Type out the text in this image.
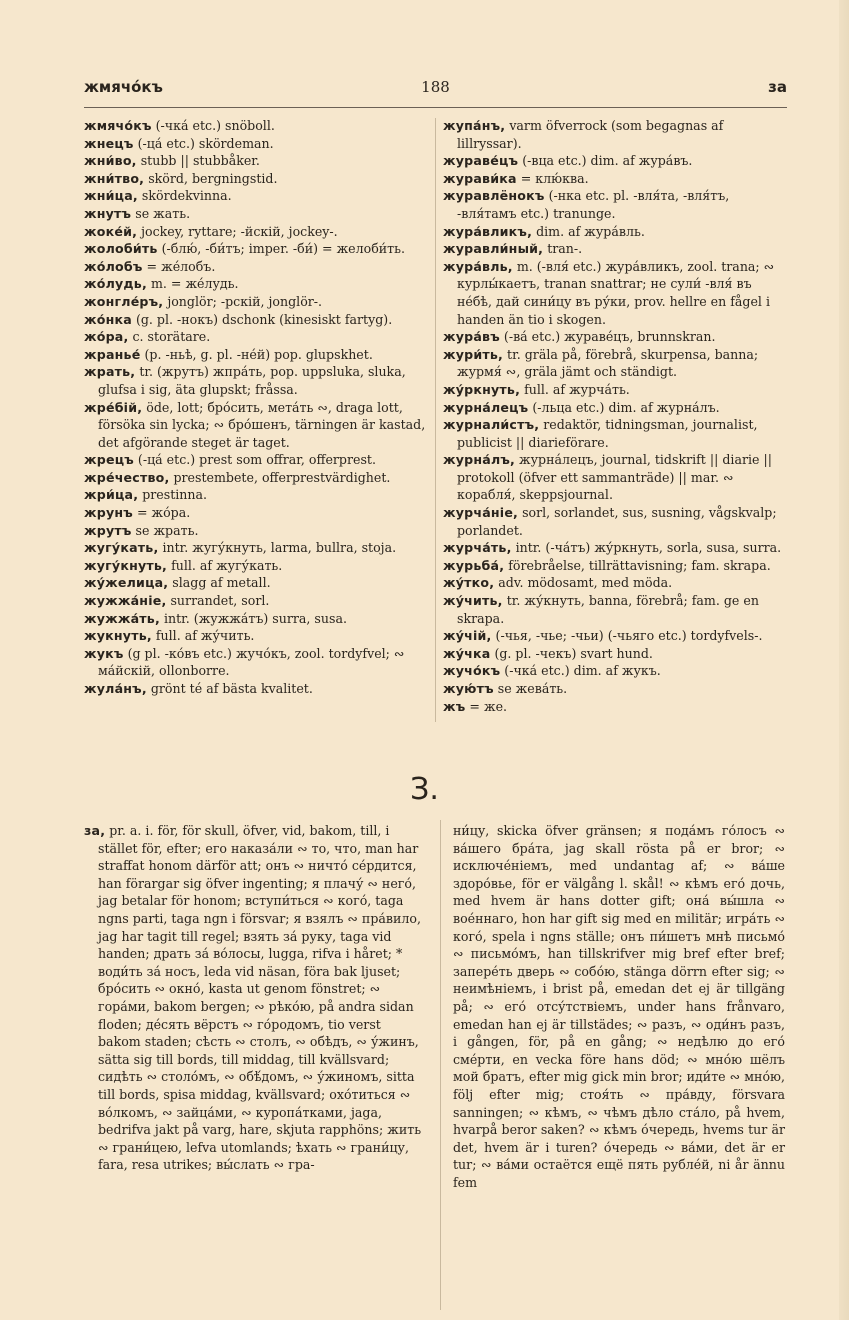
жмячо́къ	188	за

жмячо́къ (-чка́ etc.) snöboll.

жнецъ (-ца́ etc.) skördeman.

жни́во, stubb || stubbåker.

жни́тво, skörd, bergningstid.

жни́ца, skördekvinna.

жнутъ se жать.

жоке́й, jockey, ryttare; -йскій, jockey-.

жолоби́ть (-блю́, -би́тъ; imper. -би́) = желоби́ть.

жо́лобъ = же́лобъ.

жо́лудь, m. = же́лудь.

жонгле́ръ, jonglör; -рскій, jonglör-.

жо́нка (g. pl. -нокъ) dschonk (kinesiskt fartyg).

жо́ра, c. storätare.

жранье́ (p. -ньѣ, g. pl. -не́й) pop. glupskhet.

жрать, tr. (жрутъ) жпра́ть, pop. uppsluka, sluka, glufsa i sig, äta glupskt; fråssa.

жре́бій, öde, lott; бро́сить, мета́ть ∾, draga lott, försöka sin lycka; ∾ бро́шенъ, tärningen är kastad, det afgörande steget är taget.

жрецъ (-ца́ etc.) prest som offrar, offerprest.

жре́чество, prestembete, offerprestvärdighet.

жри́ца, prestinna.

жрунъ = жо́ра.

жрутъ se жрать.

жугу́кать, intr. жугу́кнуть, larma, bullra, stoja.

жугу́кнуть, full. af жугу́кать.

жу́желица, slagg af metall.

жужжа́ніе, surrandet, sorl.

жужжа́ть, intr. (жужжа́тъ) surra, susa.

жукнуть, full. af жу́чить.

жукъ (g pl. -ко́въ etc.) жучо́къ, zool. tordyfvel; ∾ ма́йскій, ollonborre.

жула́нъ, grönt té af bästa kvalitet.

жупа́нъ, varm öfverrock (som begagnas af lillryssar).

жураве́цъ (-вца etc.) dim. af жура́въ.

журави́ка = клю́ква.

журавлёнокъ (-нка etc. pl. -вля́та, -вля́тъ, -вля́тамъ etc.) tranunge.

жура́вликъ, dim. af жура́вль.

журавли́ный, tran-.

жура́вль, m. (-вля́ etc.) жура́вликъ, zool. trana; ∾ курлы́каетъ, tranan snattrar; не сули́ -вля́ въ не́бѣ, дай сини́цу въ ру́ки, prov. hellre en fågel i handen än tio i skogen.

жура́въ (-ва́ etc.) жураве́цъ, brunnskran.

жури́ть, tr. gräla på, förebrå, skurpensa, banna; журмя́ ∾, gräla jämt och ständigt.

жу́ркнуть, full. af журча́ть.

журна́лецъ (-льца etc.) dim. af журна́лъ.

журнали́стъ, redaktör, tidningsman, journalist, publicist || diarieförare.

журна́лъ, журна́лецъ, journal, tidskrift || diarie || protokoll (öfver ett sammanträde) || mar. ∾ корабля́, skeppsjournal.

журча́ніе, sorl, sorlandet, sus, susning, vågskvalp; porlandet.

журча́ть, intr. (-ча́тъ) жу́ркнуть, sorla, susa, surra.

журьба́, förebråelse, tillrättavisning; fam. skrapa.

жу́тко, adv. mödosamt, med möda.

жу́чить, tr. жу́кнуть, banna, förebrå; fam. ge en skrapa.

жу́чій, (-чья, -чье; -чьи) (-чьяго etc.) tordyfvels-.

жу́чка (g. pl. -чекъ) svart hund.

жучо́къ (-чка́ etc.) dim. af жукъ.

жую́тъ se жева́ть.

жъ = же.

З.

за, pr. a. i. för, för skull, öfver, vid, bakom, till, i stället för, efter; его наказа́ли ∾ то, что, man har straffat honom därför att; онъ ∾ ничто́ се́рдится, han förargar sig öfver ingenting; я плачу́ ∾ него́, jag betalar för honom; вступи́ться ∾ кого́, taga ngns parti, taga ngn i försvar; я взялъ ∾ пра́вило, jag har tagit till regel; взять за́ руку, taga vid handen; драть за́ во́лосы, lugga, rifva i håret; * води́ть за́ носъ, leda vid näsan, föra bak ljuset; бро́сить ∾ окно́, kasta ut genom fönstret; ∾ гора́ми, bakom bergen; ∾ рѣко́ю, på andra sidan floden; де́сять вёрстъ ∾ го́родомъ, tio verst bakom staden; сѣсть ∾ столъ, ∾ обѣдъ, ∾ у́жинъ, sätta sig till bords, till middag, till kvällsvard; сидѣть ∾ столо́мъ, ∾ обѣ́домъ, ∾ у́жиномъ, sitta till bords, spisa middag, kvällsvard; охо́титься ∾ во́лкомъ, ∾ зайца́ми, ∾ куропа́тками, jaga, bedrifva jakt på varg, hare, skjuta rapphöns; жить ∾ грани́цею, lefva utomlands; ѣхать ∾ грани́цу, fara, resa utrikes; вы́слать ∾ гра-

ни́цу, skicka öfver gränsen; я пода́мъ го́лосъ ∾ ва́шего бра́та, jag skall rösta på er bror; ∾ исключе́ніемъ, med undantag af; ∾ ва́ше здоро́вье, för er välgång l. skål! ∾ кѣмъ его́ дочь, med hvem är hans dotter gift; она́ вы́шла ∾ вое́ннаго, hon har gift sig med en militär; игра́ть ∾ кого́, spela i ngns ställe; онъ пи́шетъ мнѣ письмо́ ∾ письмо́мъ, han tillskrifver mig bref efter bref; запере́ть дверь ∾ собо́ю, stänga dörrn efter sig; ∾ неимѣніемъ, i brist på, emedan det ej är tillgäng på; ∾ его́ отсу́тствіемъ, under hans frånvaro, emedan han ej är tillstädes; ∾ разъ, ∾ оди́нъ разъ, i gången, för, på en gång; ∾ недѣлю до его́ сме́рти, en vecka före hans död; ∾ мно́ю шёлъ мой братъ, efter mig gick min bror; иди́те ∾ мно́ю, följ efter mig; стоя́ть ∾ пра́вду, försvara sanningen; ∾ кѣмъ, ∾ чѣмъ дѣло ста́ло, på hvem, hvarpå beror saken? ∾ кѣмъ о́чередь, hvems tur är det, hvem är i turen? о́чередь ∾ ва́ми, det är er tur; ∾ ва́ми остаётся ещё пять рубле́й, ni år ännu fem
